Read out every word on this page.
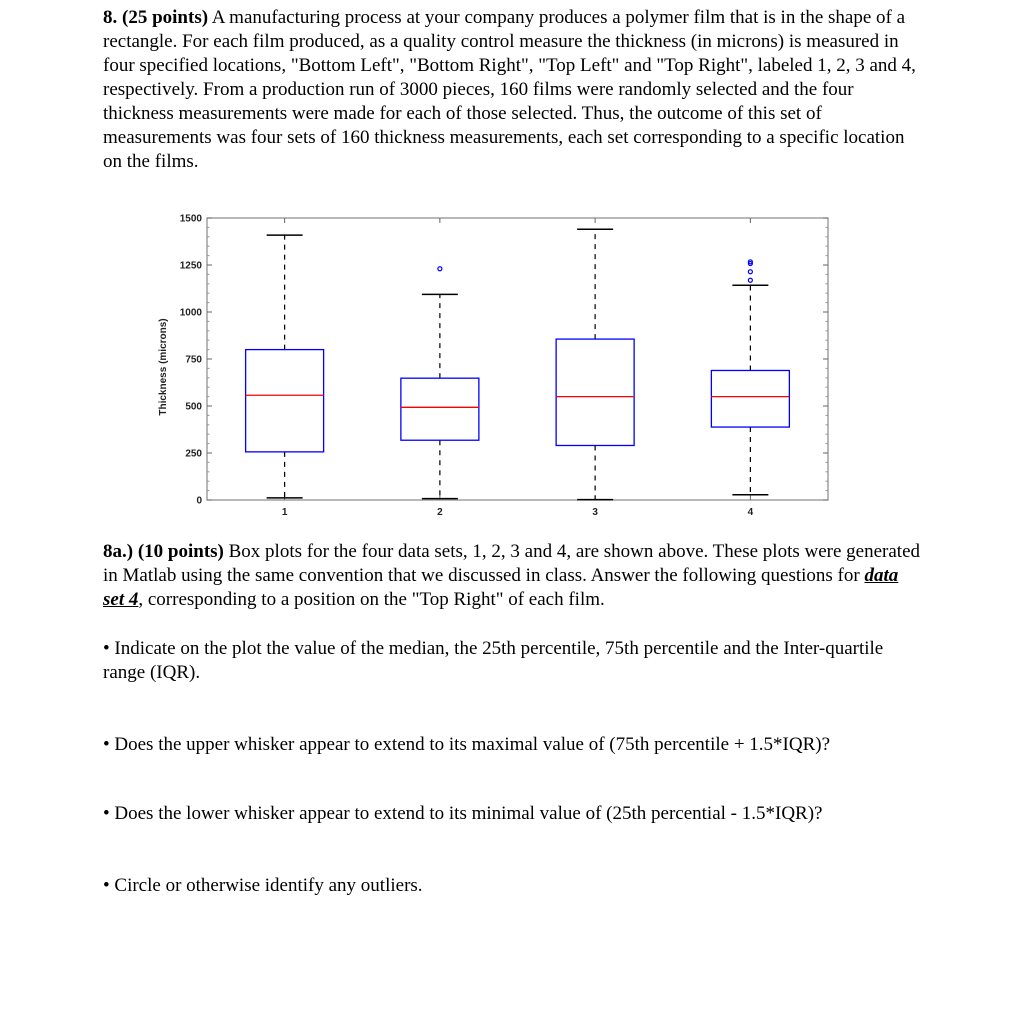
8. (25 points) A manufacturing process at your company produces a polymer film that is in the shape of a rectangle. For each film produced, as a quality control measure the thickness (in microns) is measured in four specified locations, "Bottom Left", "Bottom Right", "Top Left" and "Top Right", labeled 1, 2, 3 and 4, respectively. From a production run of 3000 pieces, 160 films were randomly selected and the four thickness measurements were made for each of those selected. Thus, the outcome of this set of measurements was four sets of 160 thickness measurements, each set corresponding to a specific location on the films.
0
250
500
750
1000
1250
1500
1	2	3	4
Thickness (microns)
8a.) (10 points) Box plots for the four data sets, 1, 2, 3 and 4, are shown above. These plots were generated in Matlab using the same convention that we discussed in class. Answer the following questions for data set 4, corresponding to a position on the "Top Right" of each film.
• Indicate on the plot the value of the median, the 25th percentile, 75th percentile and the Inter-quartile range (IQR).
• Does the upper whisker appear to extend to its maximal value of (75th percentile + 1.5*IQR)?
• Does the lower whisker appear to extend to its minimal value of (25th percential - 1.5*IQR)?
• Circle or otherwise identify any outliers.
